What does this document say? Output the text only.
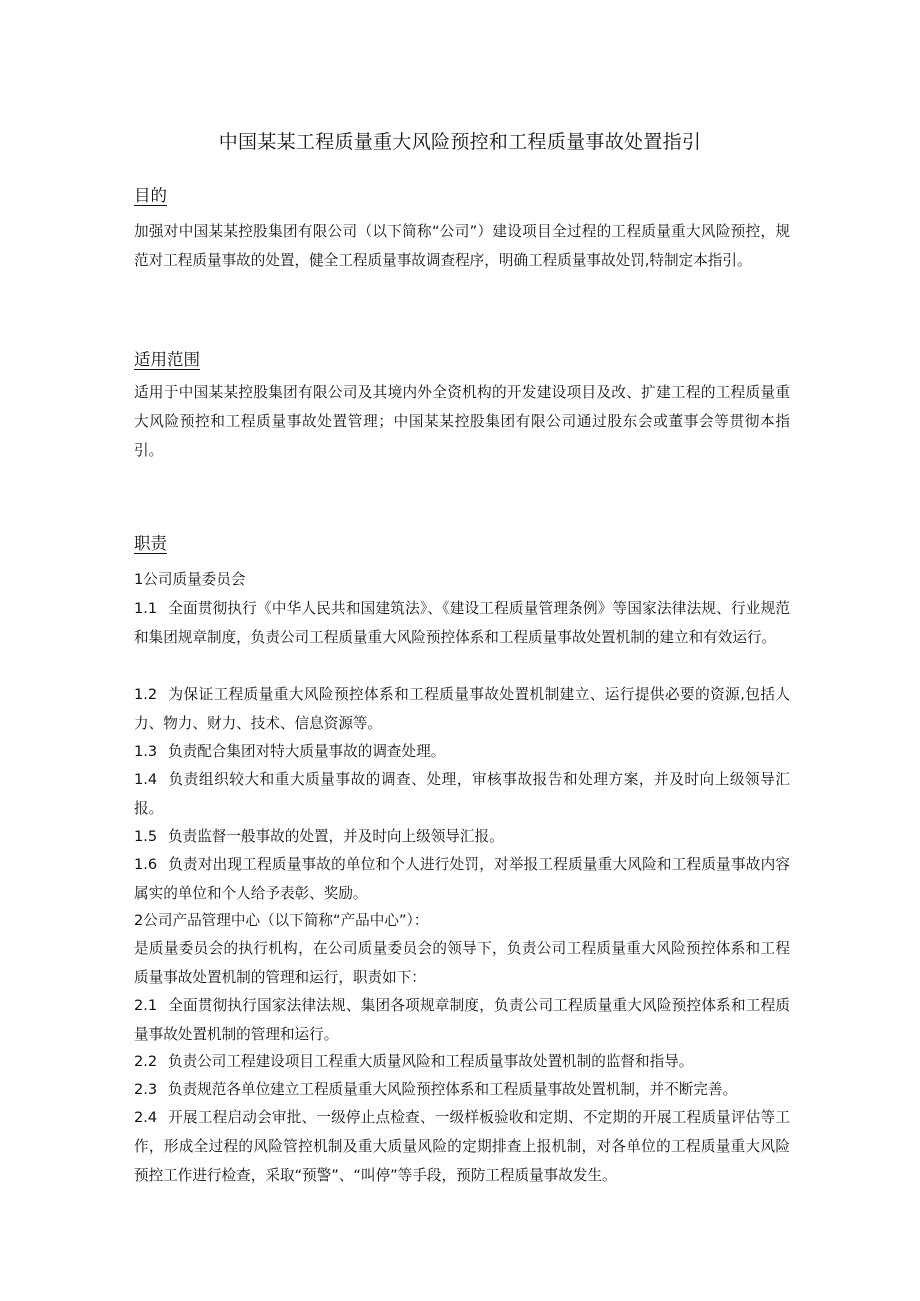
中国某某工程质量重大风险预控和工程质量事故处置指引
目的

加强对中国某某控股集团有限公司（以下简称“公司”）建设项目全过程的工程质量重大风险预控，规范对工程质量事故的处置，健全工程质量事故调查程序，明确工程质量事故处罚,特制定本指引。

适用范围

适用于中国某某控股集团有限公司及其境内外全资机构的开发建设项目及改、扩建工程的工程质量重大风险预控和工程质量事故处置管理；中国某某控股集团有限公司通过股东会或董事会等贯彻本指引。

职责

1公司质量委员会

1.1 全面贯彻执行《中华人民共和国建筑法》、《建设工程质量管理条例》等国家法律法规、行业规范和集团规章制度，负责公司工程质量重大风险预控体系和工程质量事故处置机制的建立和有效运行。

1.2 为保证工程质量重大风险预控体系和工程质量事故处置机制建立、运行提供必要的资源,包括人力、物力、财力、技术、信息资源等。

1.3 负责配合集团对特大质量事故的调查处理。

1.4 负责组织较大和重大质量事故的调查、处理，审核事故报告和处理方案，并及时向上级领导汇报。

1.5 负责监督一般事故的处置，并及时向上级领导汇报。

1.6 负责对出现工程质量事故的单位和个人进行处罚，对举报工程质量重大风险和工程质量事故内容属实的单位和个人给予表彰、奖励。

2公司产品管理中心（以下简称“产品中心”）：

是质量委员会的执行机构，在公司质量委员会的领导下，负责公司工程质量重大风险预控体系和工程质量事故处置机制的管理和运行，职责如下：

2.1 全面贯彻执行国家法律法规、集团各项规章制度，负责公司工程质量重大风险预控体系和工程质量事故处置机制的管理和运行。

2.2 负责公司工程建设项目工程重大质量风险和工程质量事故处置机制的监督和指导。

2.3 负责规范各单位建立工程质量重大风险预控体系和工程质量事故处置机制，并不断完善。

2.4 开展工程启动会审批、一级停止点检查、一级样板验收和定期、不定期的开展工程质量评估等工作，形成全过程的风险管控机制及重大质量风险的定期排查上报机制，对各单位的工程质量重大风险预控工作进行检查，采取“预警”、“叫停”等手段，预防工程质量事故发生。
